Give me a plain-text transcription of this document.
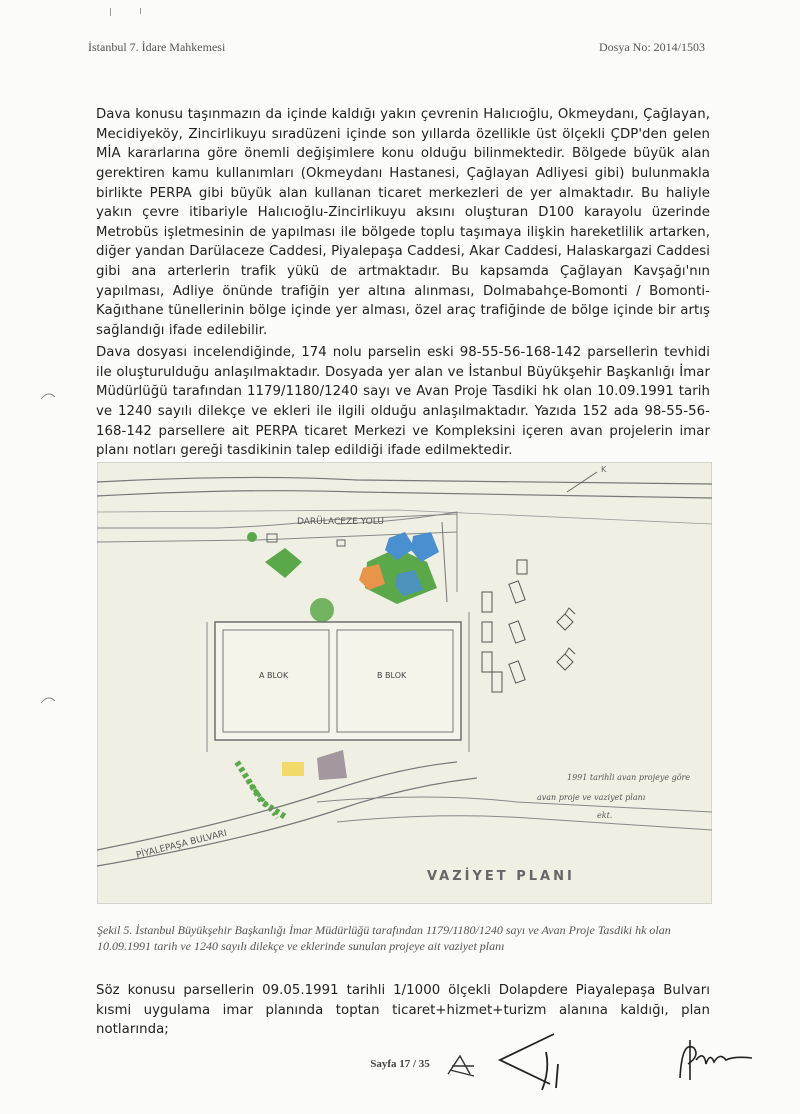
İstanbul 7. İdare Mahkemesi	Dosya No: 2014/1503

Dava konusu taşınmazın da içinde kaldığı yakın çevrenin Halıcıoğlu, Okmeydanı, Çağlayan, Mecidiyeköy, Zincirlikuyu sıradüzeni içinde son yıllarda özellikle üst ölçekli ÇDP'den gelen MİA kararlarına göre önemli değişimlere konu olduğu bilinmektedir. Bölgede büyük alan gerektiren kamu kullanımları (Okmeydanı Hastanesi, Çağlayan Adliyesi gibi) bulunmakla birlikte PERPA gibi büyük alan kullanan ticaret merkezleri de yer almaktadır. Bu haliyle yakın çevre itibariyle Halıcıoğlu-Zincirlikuyu aksını oluşturan D100 karayolu üzerinde Metrobüs işletmesinin de yapılması ile bölgede toplu taşımaya ilişkin hareketlilik artarken, diğer yandan Darülaceze Caddesi, Piyalepaşa Caddesi, Akar Caddesi, Halaskargazi Caddesi gibi ana arterlerin trafik yükü de artmaktadır. Bu kapsamda Çağlayan Kavşağı'nın yapılması, Adliye önünde trafiğin yer altına alınması, Dolmabahçe-Bomonti / Bomonti-Kağıthane tünellerinin bölge içinde yer alması, özel araç trafiğinde de bölge içinde bir artış sağlandığı ifade edilebilir.

Dava dosyası incelendiğinde, 174 nolu parselin eski 98-55-56-168-142 parsellerin tevhidi ile oluşturulduğu anlaşılmaktadır. Dosyada yer alan ve İstanbul Büyükşehir Başkanlığı İmar Müdürlüğü tarafından 1179/1180/1240 sayı ve Avan Proje Tasdiki hk olan 10.09.1991 tarih ve 1240 sayılı dilekçe ve ekleri ile ilgili olduğu anlaşılmaktadır. Yazıda 152 ada 98-55-56-168-142 parsellere ait PERPA ticaret Merkezi ve Kompleksini içeren avan projelerin imar planı notları gereği tasdikinin talep edildiği ifade edilmektedir.

DARÜLACEZE YOLU
K
A BLOK	B BLOK
PİYALEPAŞA BULVARI
1991 tarihli avan projeye göre
avan proje ve vaziyet planı
ekt.
VAZİYET PLANI

Şekil 5. İstanbul Büyükşehir Başkanlığı İmar Müdürlüğü tarafından 1179/1180/1240 sayı ve Avan Proje Tasdiki hk olan 10.09.1991 tarih ve 1240 sayılı dilekçe ve eklerinde sunulan projeye ait vaziyet planı

Söz konusu parsellerin 09.05.1991 tarihli 1/1000 ölçekli Dolapdere Piayalepaşa Bulvarı kısmi uygulama imar planında toptan ticaret+hizmet+turizm alanına kaldığı, plan notlarında;

Sayfa 17 / 35
